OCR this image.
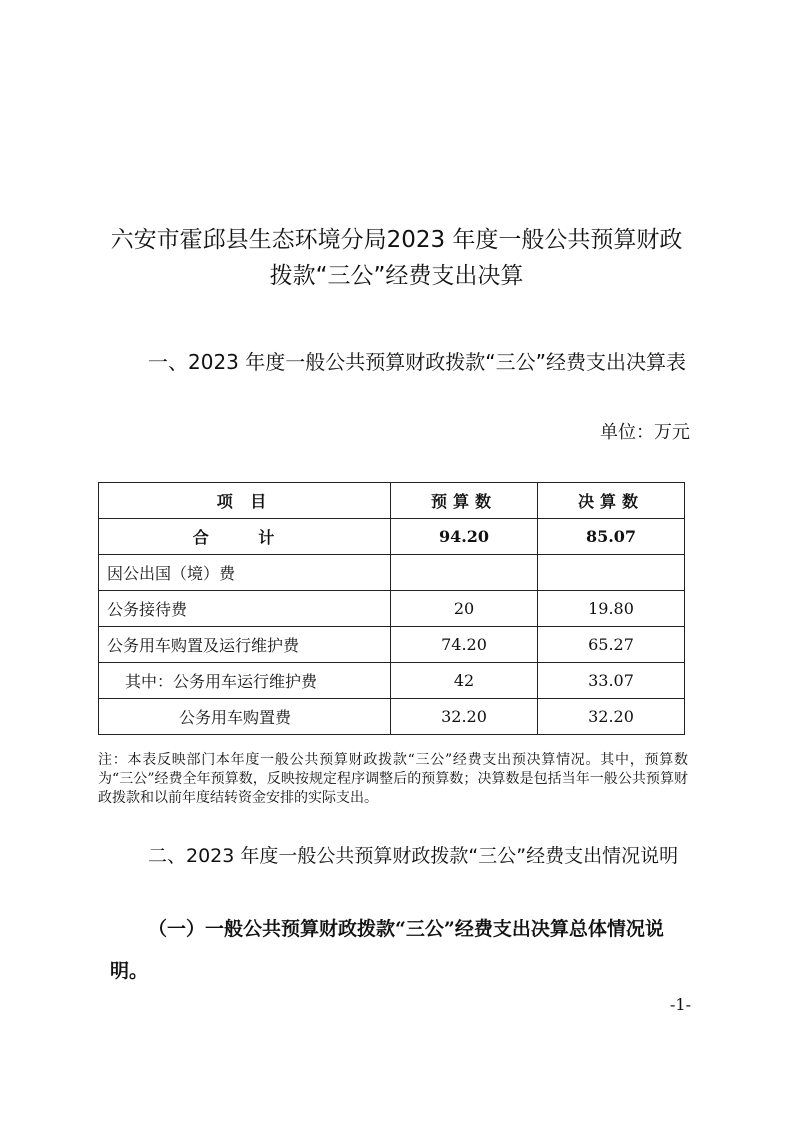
六安市霍邱县生态环境分局2023 年度一般公共预算财政
拨款“三公”经费支出决算
一、2023 年度一般公共预算财政拨款“三公”经费支出决算表
单位：万元
项 目	预算数	决算数
合 计	94.20	85.07
因公出国（境）费		
公务接待费	20	19.80
公务用车购置及运行维护费	74.20	65.27
其中：公务用车运行维护费	42	33.07
公务用车购置费	32.20	32.20
注：本表反映部门本年度一般公共预算财政拨款“三公”经费支出预决算情况。其中，预算数为“三公”经费全年预算数，反映按规定程序调整后的预算数；决算数是包括当年一般公共预算财政拨款和以前年度结转资金安排的实际支出。
二、2023 年度一般公共预算财政拨款“三公”经费支出情况说明
（一）一般公共预算财政拨款“三公”经费支出决算总体情况说明。
-1-
